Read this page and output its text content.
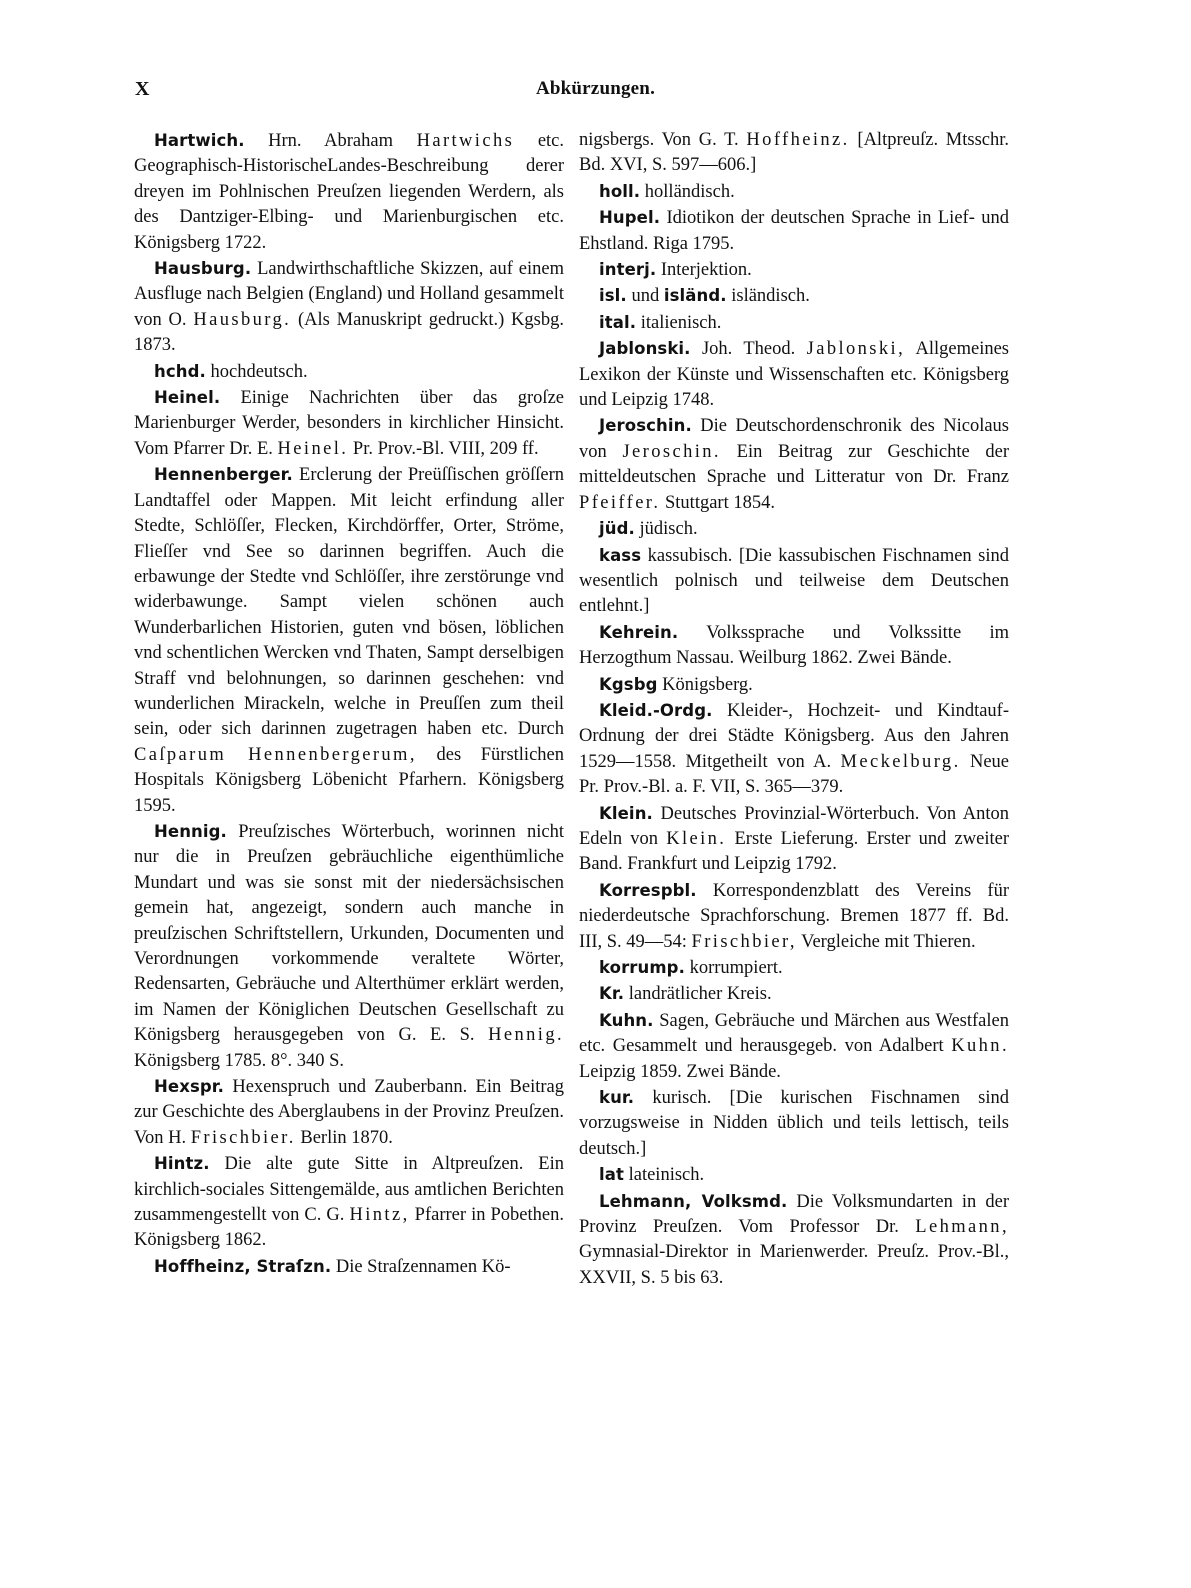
X	Abkürzungen.

Hartwich. Hrn. Abraham Hartwichs etc. Geographisch-HistorischeLandes-Beschreibung derer dreyen im Pohlnischen Preuſzen liegenden Werdern, als des Dantziger-Elbing- und Marienburgischen etc. Königsberg 1722.

Hausburg. Landwirthschaftliche Skizzen, auf einem Ausfluge nach Belgien (England) und Holland gesammelt von O. Hausburg. (Als Manuskript gedruckt.) Kgsbg. 1873.

hchd. hochdeutsch.

Heinel. Einige Nachrichten über das groſze Marienburger Werder, besonders in kirchlicher Hinsicht. Vom Pfarrer Dr. E. Heinel. Pr. Prov.-Bl. VIII, 209 ff.

Hennenberger. Erclerung der Preüſſischen gröſſern Landtaffel oder Mappen. Mit leicht erfindung aller Stedte, Schlöſſer, Flecken, Kirchdörffer, Orter, Ströme, Flieſſer vnd See so darinnen begriffen. Auch die erbawunge der Stedte vnd Schlöſſer, ihre zerstörunge vnd widerbawunge. Sampt vielen schönen auch Wunderbarlichen Historien, guten vnd bösen, löblichen vnd schentlichen Wercken vnd Thaten, Sampt derselbigen Straff vnd belohnungen, so darinnen geschehen: vnd wunderlichen Mirackeln, welche in Preuſſen zum theil sein, oder sich darinnen zugetragen haben etc. Durch Caſparum Hennenbergerum, des Fürstlichen Hospitals Königsberg Löbenicht Pfarhern. Königsberg 1595.

Hennig. Preuſzisches Wörterbuch, worinnen nicht nur die in Preuſzen gebräuchliche eigenthümliche Mundart und was sie sonst mit der niedersächsischen gemein hat, angezeigt, sondern auch manche in preuſzischen Schriftstellern, Urkunden, Documenten und Verordnungen vorkommende veraltete Wörter, Redensarten, Gebräuche und Alterthümer erklärt werden, im Namen der Königlichen Deutschen Gesellschaft zu Königsberg herausgegeben von G. E. S. Hennig. Königsberg 1785. 8°. 340 S.

Hexspr. Hexenspruch und Zauberbann. Ein Beitrag zur Geschichte des Aberglaubens in der Provinz Preuſzen. Von H. Frischbier. Berlin 1870.

Hintz. Die alte gute Sitte in Altpreuſzen. Ein kirchlich-sociales Sittengemälde, aus amtlichen Berichten zusammengestellt von C. G. Hintz, Pfarrer in Pobethen. Königsberg 1862.

Hoffheinz, Straſzn. Die Straſzennamen Kö-

nigsbergs. Von G. T. Hoffheinz. [Altpreuſz. Mtsschr. Bd. XVI, S. 597—606.]

holl. holländisch.

Hupel. Idiotikon der deutschen Sprache in Lief- und Ehstland. Riga 1795.

interj. Interjektion.

isl. und isländ. isländisch.

ital. italienisch.

Jablonski. Joh. Theod. Jablonski, Allgemeines Lexikon der Künste und Wissenschaften etc. Königsberg und Leipzig 1748.

Jeroschin. Die Deutschordenschronik des Nicolaus von Jeroschin. Ein Beitrag zur Geschichte der mitteldeutschen Sprache und Litteratur von Dr. Franz Pfeiffer. Stuttgart 1854.

jüd. jüdisch.

kass kassubisch. [Die kassubischen Fischnamen sind wesentlich polnisch und teilweise dem Deutschen entlehnt.]

Kehrein. Volkssprache und Volkssitte im Herzogthum Nassau. Weilburg 1862. Zwei Bände.

Kgsbg Königsberg.

Kleid.-Ordg. Kleider-, Hochzeit- und Kindtauf-Ordnung der drei Städte Königsberg. Aus den Jahren 1529—1558. Mitgetheilt von A. Meckelburg. Neue Pr. Prov.-Bl. a. F. VII, S. 365—379.

Klein. Deutsches Provinzial-Wörterbuch. Von Anton Edeln von Klein. Erste Lieferung. Erster und zweiter Band. Frankfurt und Leipzig 1792.

Korrespbl. Korrespondenzblatt des Vereins für niederdeutsche Sprachforschung. Bremen 1877 ff. Bd. III, S. 49—54: Frischbier, Vergleiche mit Thieren.

korrump. korrumpiert.

Kr. landrätlicher Kreis.

Kuhn. Sagen, Gebräuche und Märchen aus Westfalen etc. Gesammelt und herausgegeb. von Adalbert Kuhn. Leipzig 1859. Zwei Bände.

kur. kurisch. [Die kurischen Fischnamen sind vorzugsweise in Nidden üblich und teils lettisch, teils deutsch.]

lat lateinisch.

Lehmann, Volksmd. Die Volksmundarten in der Provinz Preuſzen. Vom Professor Dr. Lehmann, Gymnasial-Direktor in Marienwerder. Preuſz. Prov.-Bl., XXVII, S. 5 bis 63.
